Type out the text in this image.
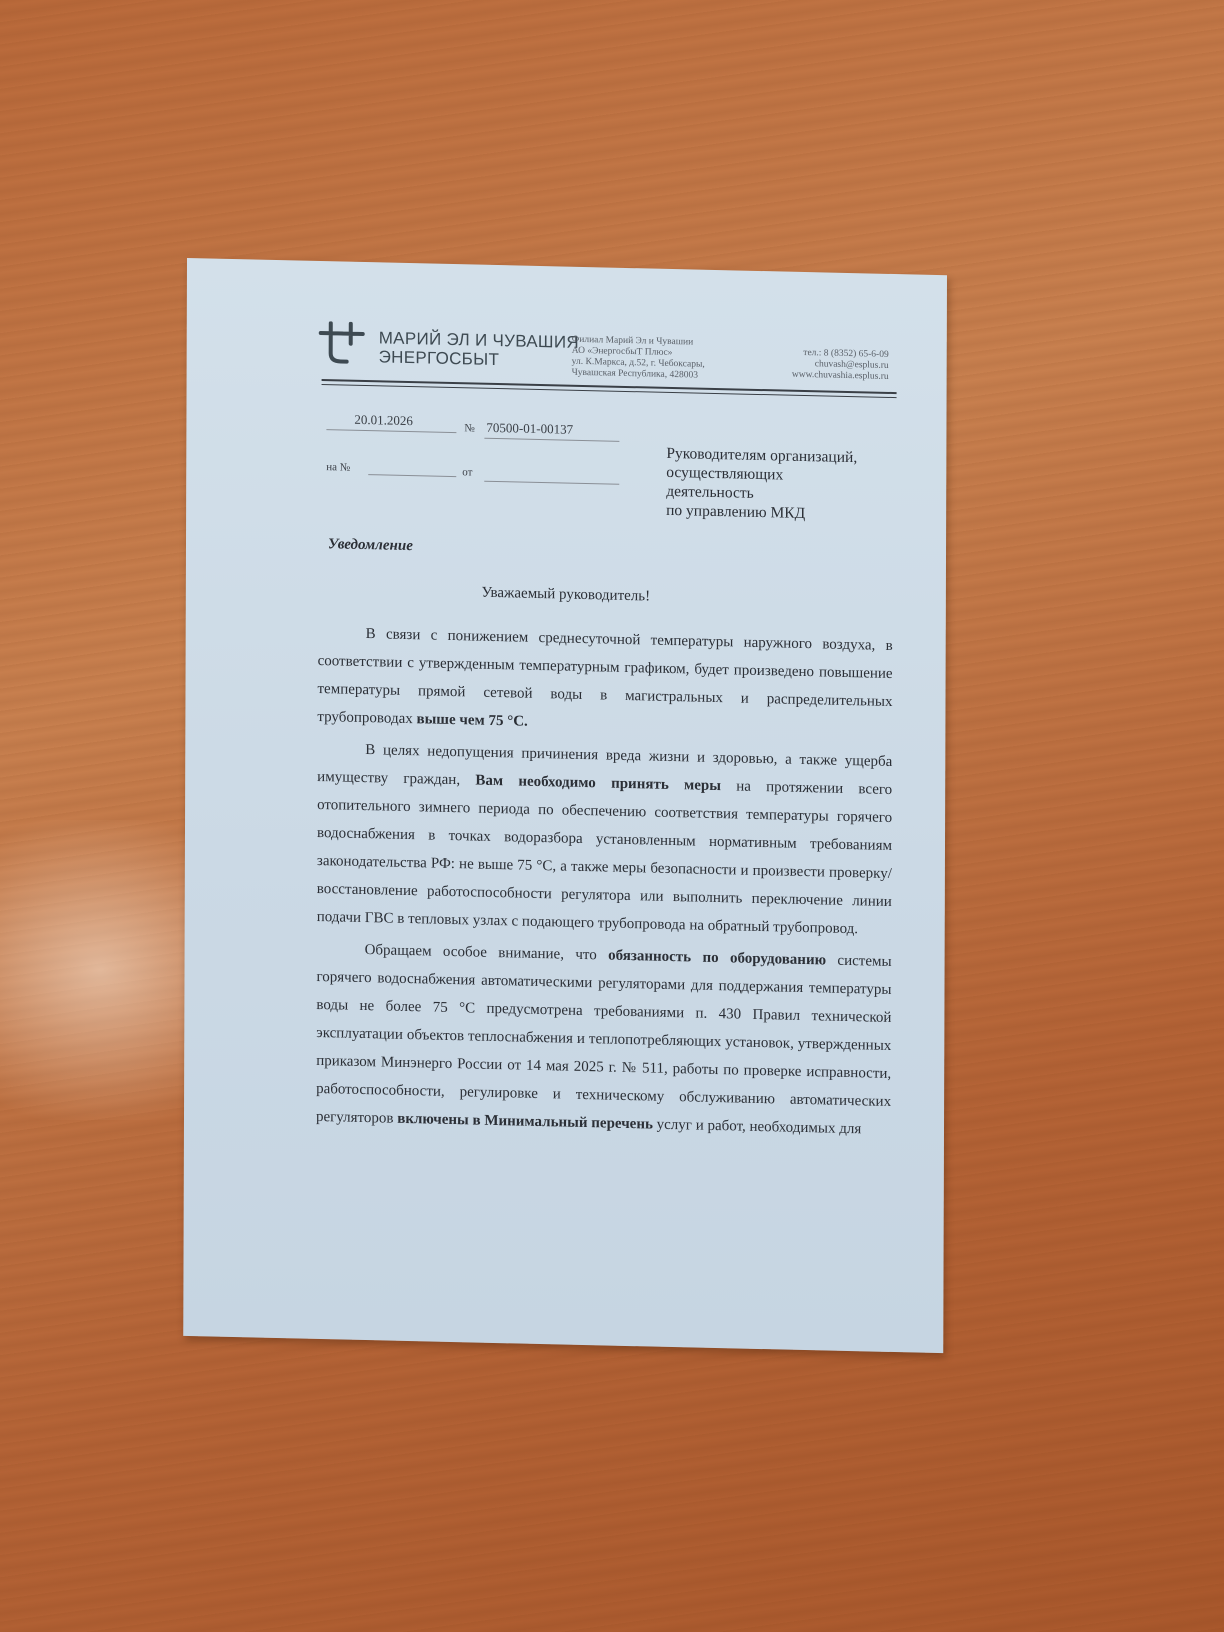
МАРИЙ ЭЛ И ЧУВАШИЯ
ЭНЕРГОСБЫТ
Филиал Марий Эл и Чувашии
АО «ЭнергосбыТ Плюс»
ул. К.Маркса, д.52, г. Чебоксары,
Чувашская Республика, 428003
тел.: 8 (8352) 65-6-09
chuvash@esplus.ru
www.chuvashia.esplus.ru
20.01.2026
№ 70500-01-00137
на №	от
Руководителям организаций,
осуществляющих
деятельность
по управлению МКД
Уведомление
Уважаемый руководитель!

В связи с понижением среднесуточной температуры наружного воздуха, в соответствии с утвержденным температурным графиком, будет произведено повышение температуры прямой сетевой воды в магистральных и распределительных трубопроводах выше чем 75 °С.

В целях недопущения причинения вреда жизни и здоровью, а также ущерба имуществу граждан, Вам необходимо принять меры на протяжении всего отопительного зимнего периода по обеспечению соответствия температуры горячего водоснабжения в точках водоразбора установленным нормативным требованиям законодательства РФ: не выше 75 °С, а также меры безопасности и произвести проверку/восстановление работоспособности регулятора или выполнить переключение линии подачи ГВС в тепловых узлах с подающего трубопровода на обратный трубопровод.

Обращаем особое внимание, что обязанность по оборудованию системы горячего водоснабжения автоматическими регуляторами для поддержания температуры воды не более 75 °С предусмотрена требованиями п. 430 Правил технической эксплуатации объектов теплоснабжения и теплопотребляющих установок, утвержденных приказом Минэнерго России от 14 мая 2025 г. № 511, работы по проверке исправности, работоспособности, регулировке и техническому обслуживанию автоматических регуляторов включены в Минимальный перечень услуг и работ, необходимых для
